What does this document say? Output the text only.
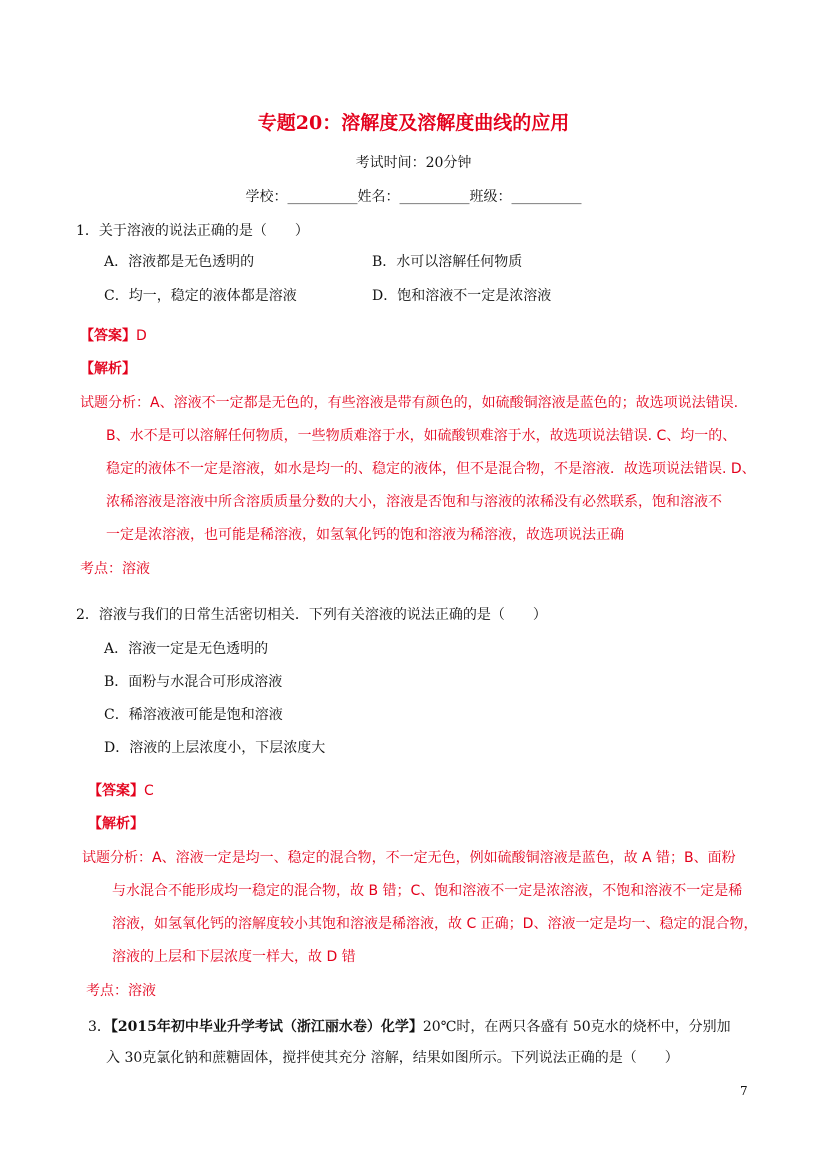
专题20：溶解度及溶解度曲线的应用
考试时间：20分钟
学校：__________姓名：__________班级：__________
1．关于溶液的说法正确的是（　　）
A．溶液都是无色透明的	B．水可以溶解任何物质
C．均一，稳定的液体都是溶液	D．饱和溶液不一定是浓溶液
【答案】D
【解析】
试题分析：A、溶液不一定都是无色的，有些溶液是带有颜色的，如硫酸铜溶液是蓝色的；故选项说法错误.
B、水不是可以溶解任何物质，一些物质难溶于水，如硫酸钡难溶于水，故选项说法错误. C、均一的、
稳定的液体不一定是溶液，如水是均一的、稳定的液体，但不是混合物，不是溶液．故选项说法错误. D、
浓稀溶液是溶液中所含溶质质量分数的大小，溶液是否饱和与溶液的浓稀没有必然联系，饱和溶液不
一定是浓溶液，也可能是稀溶液，如氢氧化钙的饱和溶液为稀溶液，故选项说法正确
考点：溶液
2．溶液与我们的日常生活密切相关．下列有关溶液的说法正确的是（　　）
A．溶液一定是无色透明的
B．面粉与水混合可形成溶液
C．稀溶液液可能是饱和溶液
D．溶液的上层浓度小，下层浓度大
【答案】C
【解析】
试题分析：A、溶液一定是均一、稳定的混合物，不一定无色，例如硫酸铜溶液是蓝色，故 A 错；B、面粉
与水混合不能形成均一稳定的混合物，故 B 错；C、饱和溶液不一定是浓溶液，不饱和溶液不一定是稀
溶液，如氢氧化钙的溶解度较小其饱和溶液是稀溶液，故 C 正确；D、溶液一定是均一、稳定的混合物，
溶液的上层和下层浓度一样大，故 D 错
考点：溶液
3．【2015年初中毕业升学考试（浙江丽水卷）化学】20℃时，在两只各盛有 50克水的烧杯中，分别加
入 30克氯化钠和蔗糖固体，搅拌使其充分 溶解，结果如图所示。下列说法正确的是（　　）
7
